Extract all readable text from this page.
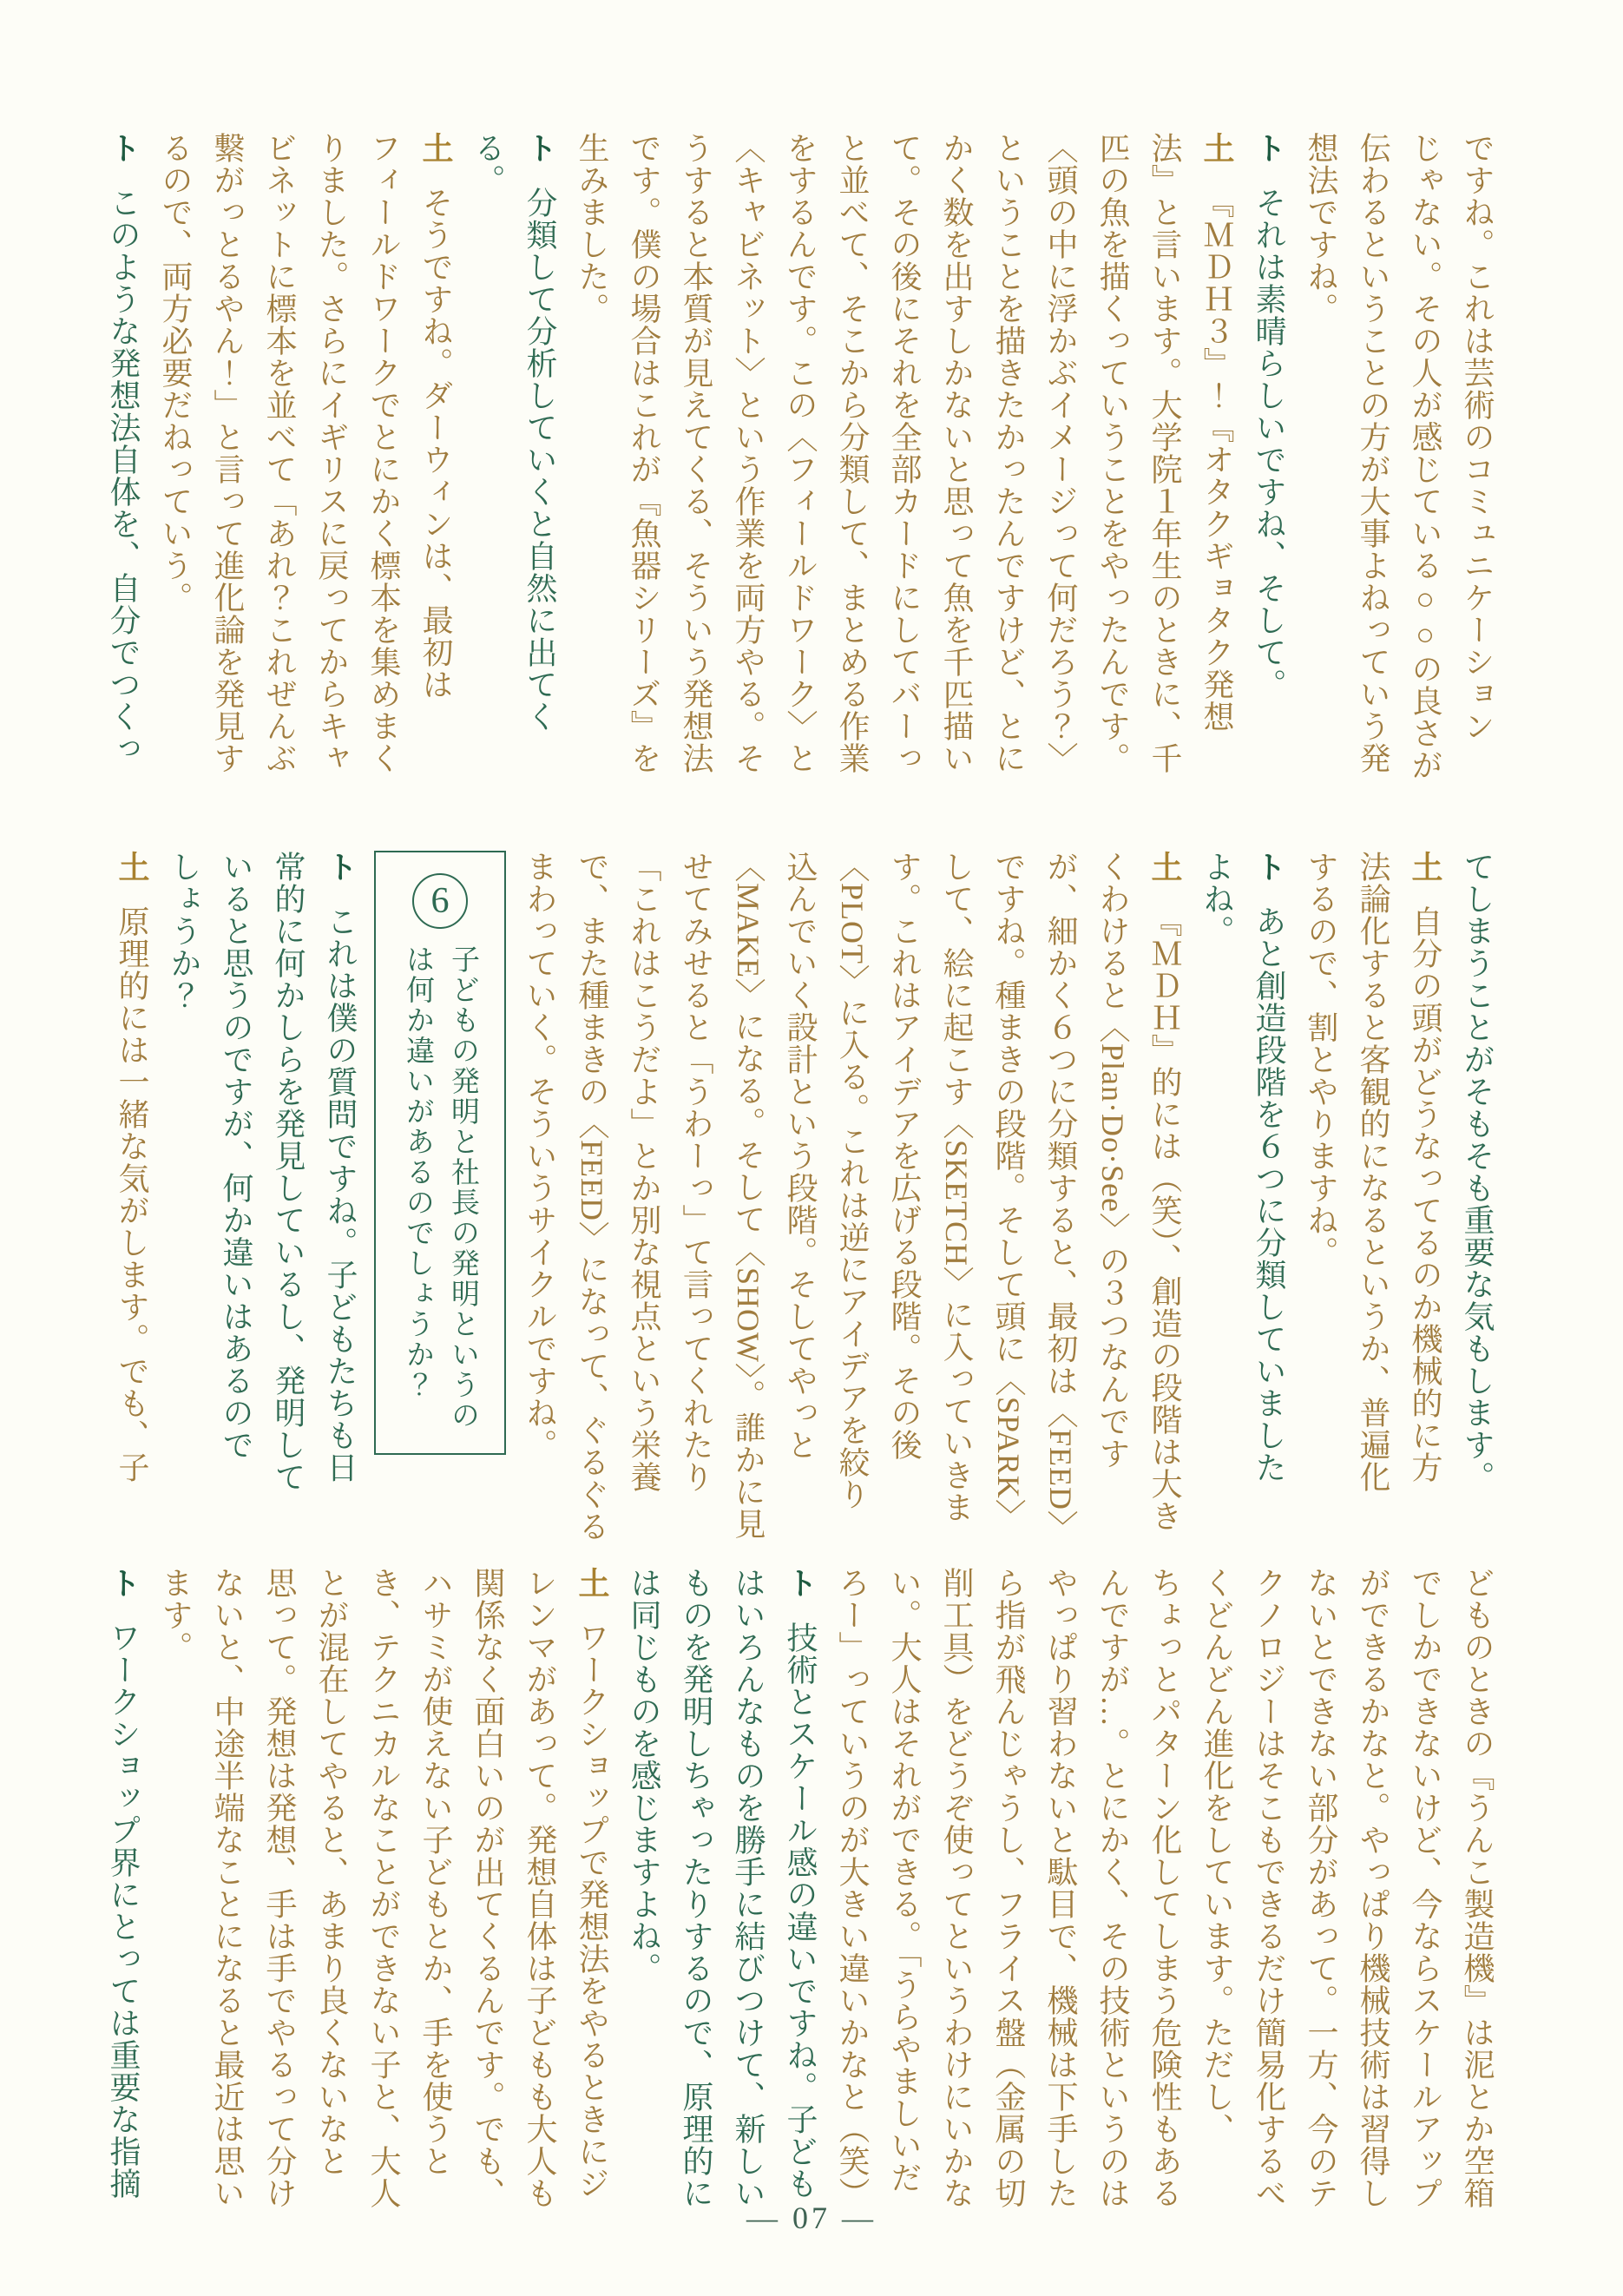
ですね。これは芸術のコミュニケーション
じゃない。その人が感じている○○の良さが
伝わるということの方が大事よねっていう発
想法ですね。
トそれは素晴らしいですね、そして。
土『ＭＤＨ３』！『オタクギョタク発想
法』と言います。大学院１年生のときに、千
匹の魚を描くっていうことをやったんです。
〈頭の中に浮かぶイメージって何だろう？〉
ということを描きたかったんですけど、とに
かく数を出すしかないと思って魚を千匹描い
て。その後にそれを全部カードにしてバーっ
と並べて、そこから分類して、まとめる作業
をするんです。この〈フィールドワーク〉と
〈キャビネット〉という作業を両方やる。そ
うすると本質が見えてくる、そういう発想法
です。僕の場合はこれが『魚器シリーズ』を
生みました。
ト分類して分析していくと自然に出てく
る。
土そうですね。ダーウィンは、最初は
フィールドワークでとにかく標本を集めまく
りました。さらにイギリスに戻ってからキャ
ビネットに標本を並べて「あれ？これぜんぶ
繋がっとるやん！」と言って進化論を発見す
るので、両方必要だねっていう。
トこのような発想法自体を、自分でつくっ
てしまうことがそもそも重要な気もします。
土自分の頭がどうなってるのか機械的に方
法論化すると客観的になるというか、普遍化
するので、割とやりますね。
トあと創造段階を６つに分類していました
よね。
土『ＭＤＨ』的には（笑）、創造の段階は大き
くわけると〈Plan·Do·See〉の３つなんです
が、細かく６つに分類すると、最初は〈FEED〉
ですね。種まきの段階。そして頭に〈SPARK〉
して、絵に起こす〈SKETCH〉に入っていきま
す。これはアイデアを広げる段階。その後
〈PLOT〉に入る。これは逆にアイデアを絞り
込んでいく設計という段階。そしてやっと
〈MAKE〉になる。そして〈SHOW〉。誰かに見
せてみせると「うわーっ」て言ってくれたり
「これはこうだよ」とか別な視点という栄養
で、また種まきの〈FEED〉になって、ぐるぐる
まわっていく。そういうサイクルですね。
6
子どもの発明と社長の発明というの
は何か違いがあるのでしょうか？
トこれは僕の質問ですね。子どもたちも日
常的に何かしらを発見しているし、発明して
いると思うのですが、何か違いはあるので
しょうか？
土原理的には一緒な気がします。でも、子
どものときの『うんこ製造機』は泥とか空箱
でしかできないけど、今ならスケールアップ
ができるかなと。やっぱり機械技術は習得し
ないとできない部分があって。一方、今のテ
クノロジーはそこもできるだけ簡易化するべ
くどんどん進化をしています。ただし、
ちょっとパターン化してしまう危険性もある
んですが…。とにかく、その技術というのは
やっぱり習わないと駄目で、機械は下手した
ら指が飛んじゃうし、フライス盤（金属の切
削工具）をどうぞ使ってというわけにいかな
い。大人はそれができる。「うらやましいだ
ろー」っていうのが大きい違いかなと（笑）
ト技術とスケール感の違いですね。子ども
はいろんなものを勝手に結びつけて、新しい
ものを発明しちゃったりするので、原理的に
は同じものを感じますよね。
土ワークショップで発想法をやるときにジ
レンマがあって。発想自体は子どもも大人も
関係なく面白いのが出てくるんです。でも、
ハサミが使えない子どもとか、手を使うと
き、テクニカルなことができない子と、大人
とが混在してやると、あまり良くないなと
思って。発想は発想、手は手でやるって分け
ないと、中途半端なことになると最近は思い
ます。
トワークショップ界にとっては重要な指摘
— 07 —
